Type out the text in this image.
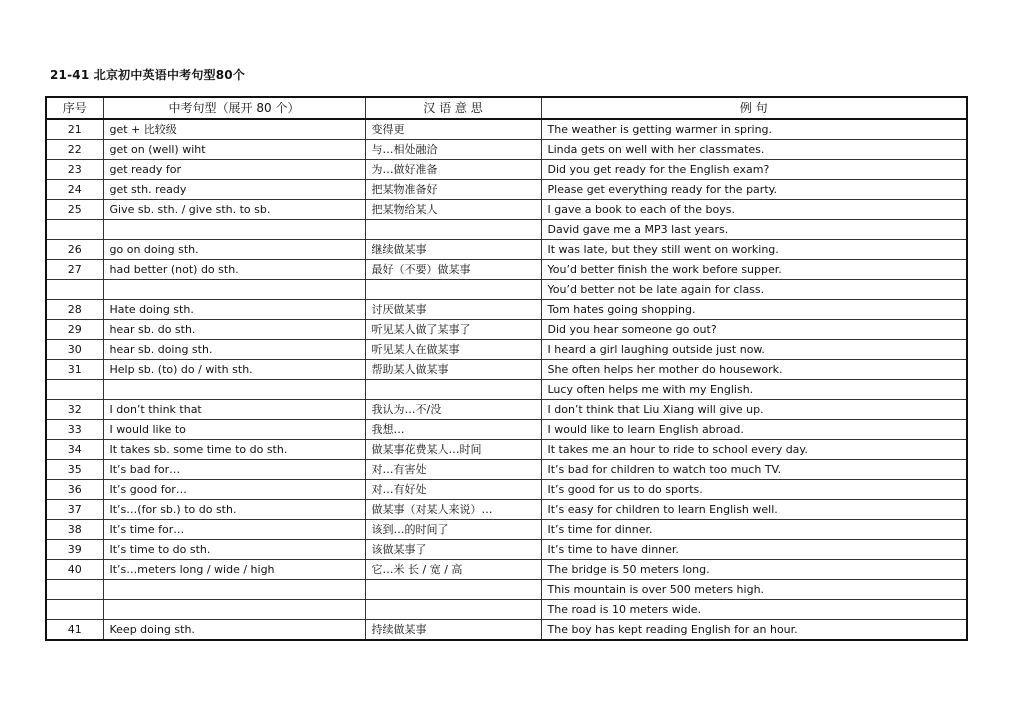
21-41 北京初中英语中考句型80个
序号	中考句型（展开 80 个）	汉 语 意 思	例 句
21	get + 比较级	变得更	The weather is getting warmer in spring.
22	get on (well) wiht	与…相处融洽	Linda gets on well with her classmates.
23	get ready for	为…做好准备	Did you get ready for the English exam?
24	get sth. ready	把某物准备好	Please get everything ready for the party.
25	Give sb. sth. / give sth. to sb.	把某物给某人	I gave a book to each of the boys.
			David gave me a MP3 last years.
26	go on doing sth.	继续做某事	It was late, but they still went on working.
27	had better (not) do sth.	最好（不要）做某事	You’d better finish the work before supper.
			You’d better not be late again for class.
28	Hate doing sth.	讨厌做某事	Tom hates going shopping.
29	hear sb. do sth.	听见某人做了某事了	Did you hear someone go out?
30	hear sb. doing sth.	听见某人在做某事	I heard a girl laughing outside just now.
31	Help sb. (to) do / with sth.	帮助某人做某事	She often helps her mother do housework.
			Lucy often helps me with my English.
32	I don’t think that	我认为…不/没	I don’t think that Liu Xiang will give up.
33	I would like to	我想…	I would like to learn English abroad.
34	It takes sb. some time to do sth.	做某事花费某人…时间	It takes me an hour to ride to school every day.
35	It’s bad for…	对…有害处	It’s bad for children to watch too much TV.
36	It’s good for…	对…有好处	It’s good for us to do sports.
37	It’s…(for sb.) to do sth.	做某事（对某人来说）…	It’s easy for children to learn English well.
38	It’s time for…	该到…的时间了	It’s time for dinner.
39	It’s time to do sth.	该做某事了	It’s time to have dinner.
40	It’s…meters long / wide / high	它…米 长 / 宽 / 高	The bridge is 50 meters long.
			This mountain is over 500 meters high.
			The road is 10 meters wide.
41	Keep doing sth.	持续做某事	The boy has kept reading English for an hour.
